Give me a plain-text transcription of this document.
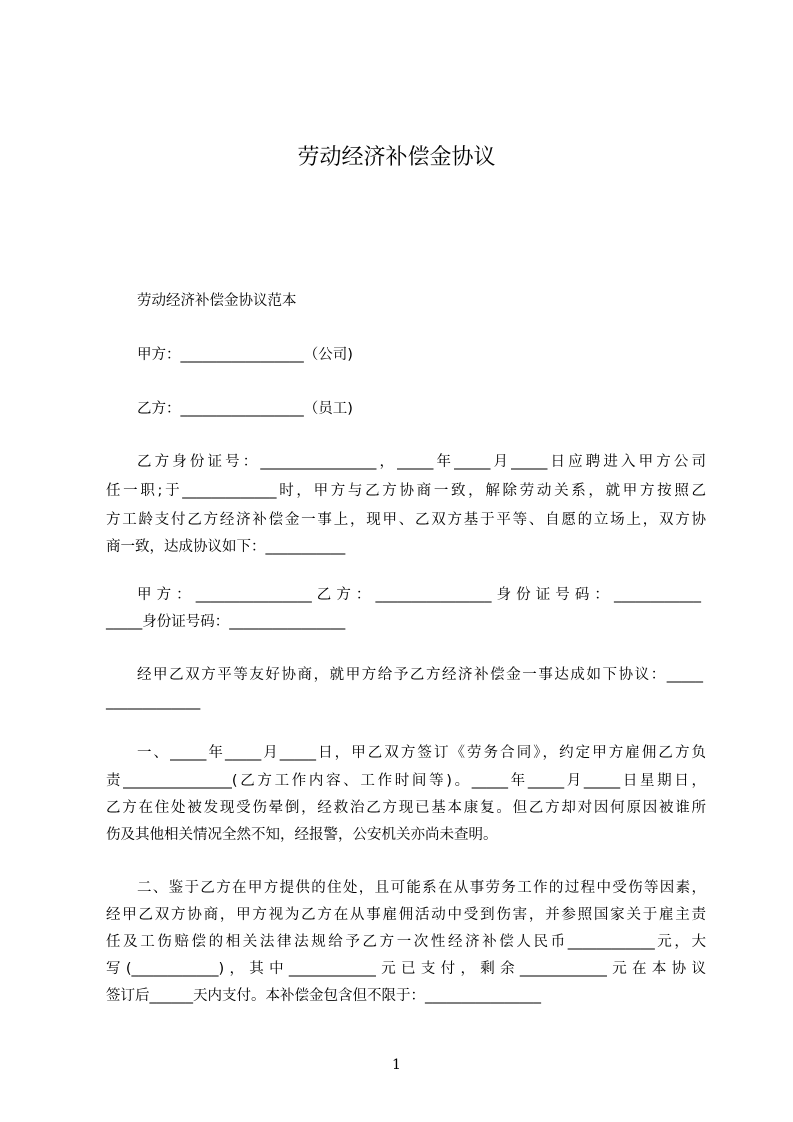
劳动经济补偿金协议

劳动经济补偿金协议范本

甲方：_________________（公司)

乙方：_________________（员工)

乙方身份证号：________________，_____年_____月_____日应聘进入甲方公司

任一职;于_____________时，甲方与乙方协商一致，解除劳动关系，就甲方按照乙

方工龄支付乙方经济补偿金一事上，现甲、乙双方基于平等、自愿的立场上，双方协

商一致，达成协议如下：___________

甲方：________________乙方：________________身份证号码：____________

_____身份证号码：________________

经甲乙双方平等友好协商，就甲方给予乙方经济补偿金一事达成如下协议：_____

_____________

一、_____年_____月_____日，甲乙双方签订《劳务合同》，约定甲方雇佣乙方负

责_______________(乙方工作内容、工作时间等)。_____年_____月_____日星期日，

乙方在住处被发现受伤晕倒，经救治乙方现已基本康复。但乙方却对因何原因被谁所

伤及其他相关情况全然不知，经报警，公安机关亦尚未查明。

二、鉴于乙方在甲方提供的住处，且可能系在从事劳务工作的过程中受伤等因素，

经甲乙双方协商，甲方视为乙方在从事雇佣活动中受到伤害，并参照国家关于雇主责

任及工伤赔偿的相关法律法规给予乙方一次性经济补偿人民币____________元，大

写(____________)，其中____________元已支付，剩余____________元在本协议

签订后______天内支付。本补偿金包含但不限于：________________

1
